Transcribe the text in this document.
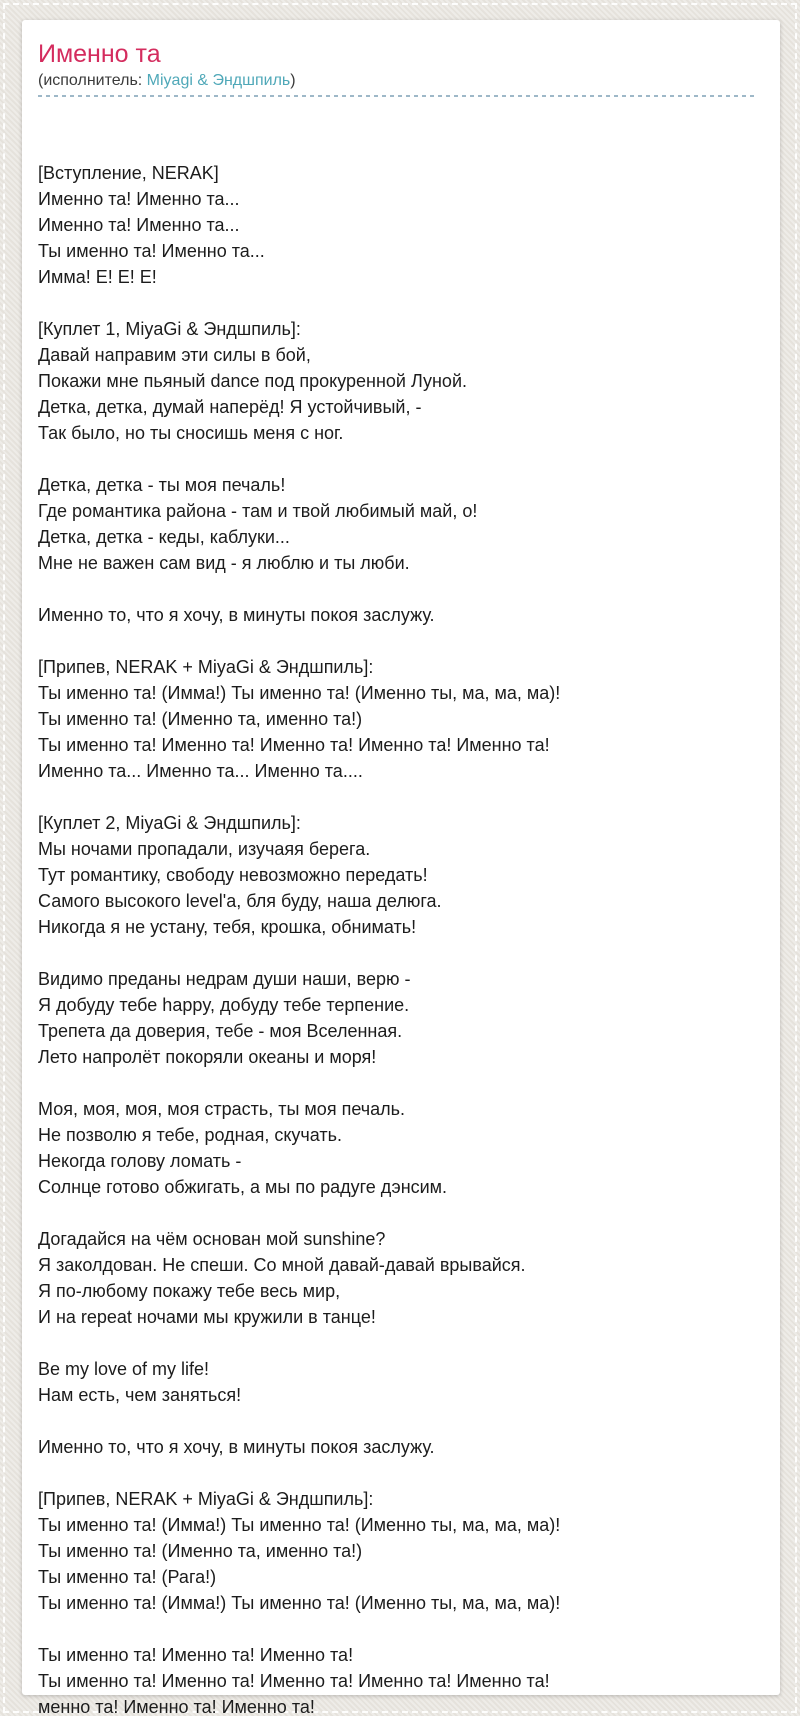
Именно та

(исполнитель: Miyagi & Эндшпиль)

[Вступление, NERAK]
Именно та! Именно та...
Именно та! Именно та...
Ты именно та! Именно та...
Имма! Е! Е! Е!

[Куплет 1, MiyaGi & Эндшпиль]:
Давай направим эти силы в бой,
Покажи мне пьяный dance под прокуренной Луной.
Детка, детка, думай наперёд! Я устойчивый, -
Так было, но ты сносишь меня с ног.

Детка, детка - ты моя печаль!
Где романтика района - там и твой любимый май, о!
Детка, детка - кеды, каблуки...
Мне не важен сам вид - я люблю и ты люби.

Именно то, что я хочу, в минуты покоя заслужу.

[Припев, NERAK + MiyaGi & Эндшпиль]:
Ты именно та! (Имма!) Ты именно та! (Именно ты, ма, ма, ма)!
Ты именно та! (Именно та, именно та!)
Ты именно та! Именно та! Именно та! Именно та! Именно та!
Именно та... Именно та... Именно та....

[Куплет 2, MiyaGi & Эндшпиль]:
Мы ночами пропадали, изучаяя берега.
Тут романтику, свободу невозможно передать!
Самого высокого level'а, бля буду, наша делюга.
Никогда я не устану, тебя, крошка, обнимать!

Видимо преданы недрам души наши, верю -
Я добуду тебе happy, добуду тебе терпение.
Трепета да доверия, тебе - моя Вселенная.
Лето напролёт покоряли океаны и моря!

Моя, моя, моя, моя страсть, ты моя печаль.
Не позволю я тебе, родная, скучать.
Некогда голову ломать -
Солнце готово обжигать, а мы по радуге дэнсим.

Догадайся на чём основан мой sunshine?
Я заколдован. Не спеши. Со мной давай-давай врывайся.
Я по-любому покажу тебе весь мир,
И на repeat ночами мы кружили в танце!

Be my love of my life!
Нам есть, чем заняться!

Именно то, что я хочу, в минуты покоя заслужу.

[Припев, NERAK + MiyaGi & Эндшпиль]:
Ты именно та! (Имма!) Ты именно та! (Именно ты, ма, ма, ма)!
Ты именно та! (Именно та, именно та!)
Ты именно та! (Рага!)
Ты именно та! (Имма!) Ты именно та! (Именно ты, ма, ма, ма)!

Ты именно та! Именно та! Именно та!
Ты именно та! Именно та! Именно та! Именно та! Именно та!
менно та! Именно та! Именно та!
